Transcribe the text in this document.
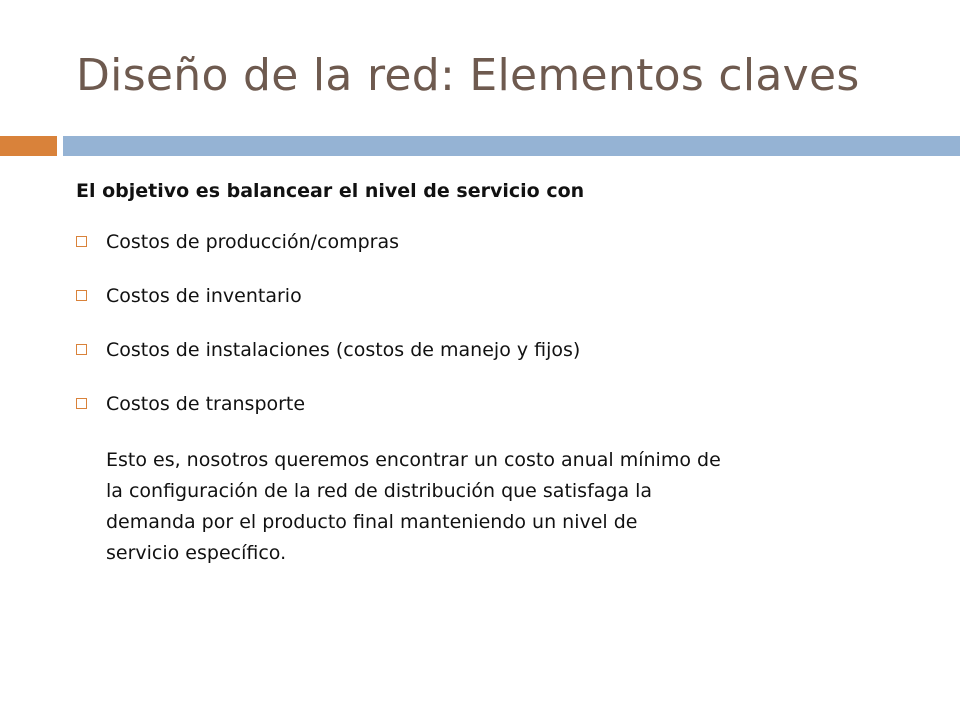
Diseño de la red: Elementos claves

El objetivo es balancear el nivel de servicio con

Costos de producción/compras
Costos de inventario
Costos de instalaciones (costos de manejo y fijos)
Costos de transporte

Esto es, nosotros queremos encontrar un costo anual mínimo de
la configuración de la red de distribución que satisfaga la
demanda por el producto final manteniendo un nivel de
servicio específico.
